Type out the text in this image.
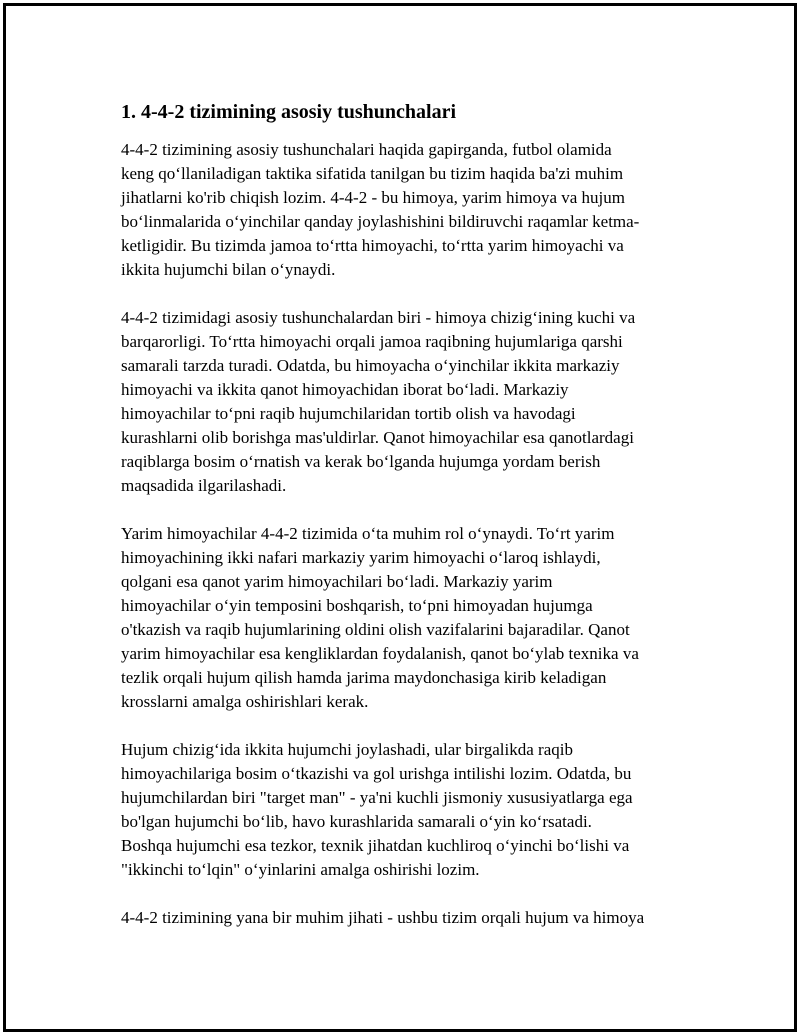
1. 4-4-2 tizimining asosiy tushunchalari

4-4-2 tizimining asosiy tushunchalari haqida gapirganda, futbol olamida
keng qo‘llaniladigan taktika sifatida tanilgan bu tizim haqida ba'zi muhim
jihatlarni ko'rib chiqish lozim. 4-4-2 - bu himoya, yarim himoya va hujum
bo‘linmalarida o‘yinchilar qanday joylashishini bildiruvchi raqamlar ketma-
ketligidir. Bu tizimda jamoa to‘rtta himoyachi, to‘rtta yarim himoyachi va
ikkita hujumchi bilan o‘ynaydi.

4-4-2 tizimidagi asosiy tushunchalardan biri - himoya chizig‘ining kuchi va
barqarorligi. To‘rtta himoyachi orqali jamoa raqibning hujumlariga qarshi
samarali tarzda turadi. Odatda, bu himoyacha o‘yinchilar ikkita markaziy
himoyachi va ikkita qanot himoyachidan iborat bo‘ladi. Markaziy
himoyachilar to‘pni raqib hujumchilaridan tortib olish va havodagi
kurashlarni olib borishga mas'uldirlar. Qanot himoyachilar esa qanotlardagi
raqiblarga bosim o‘rnatish va kerak bo‘lganda hujumga yordam berish
maqsadida ilgarilashadi.

Yarim himoyachilar 4-4-2 tizimida o‘ta muhim rol o‘ynaydi. To‘rt yarim
himoyachining ikki nafari markaziy yarim himoyachi o‘laroq ishlaydi,
qolgani esa qanot yarim himoyachilari bo‘ladi. Markaziy yarim
himoyachilar o‘yin temposini boshqarish, to‘pni himoyadan hujumga
o'tkazish va raqib hujumlarining oldini olish vazifalarini bajaradilar. Qanot
yarim himoyachilar esa kengliklardan foydalanish, qanot bo‘ylab texnika va
tezlik orqali hujum qilish hamda jarima maydonchasiga kirib keladigan
krosslarni amalga oshirishlari kerak.

Hujum chizig‘ida ikkita hujumchi joylashadi, ular birgalikda raqib
himoyachilariga bosim o‘tkazishi va gol urishga intilishi lozim. Odatda, bu
hujumchilardan biri "target man" - ya'ni kuchli jismoniy xususiyatlarga ega
bo'lgan hujumchi bo‘lib, havo kurashlarida samarali o‘yin ko‘rsatadi.
Boshqa hujumchi esa tezkor, texnik jihatdan kuchliroq o‘yinchi bo‘lishi va
"ikkinchi to‘lqin" o‘yinlarini amalga oshirishi lozim.

4-4-2 tizimining yana bir muhim jihati - ushbu tizim orqali hujum va himoya
